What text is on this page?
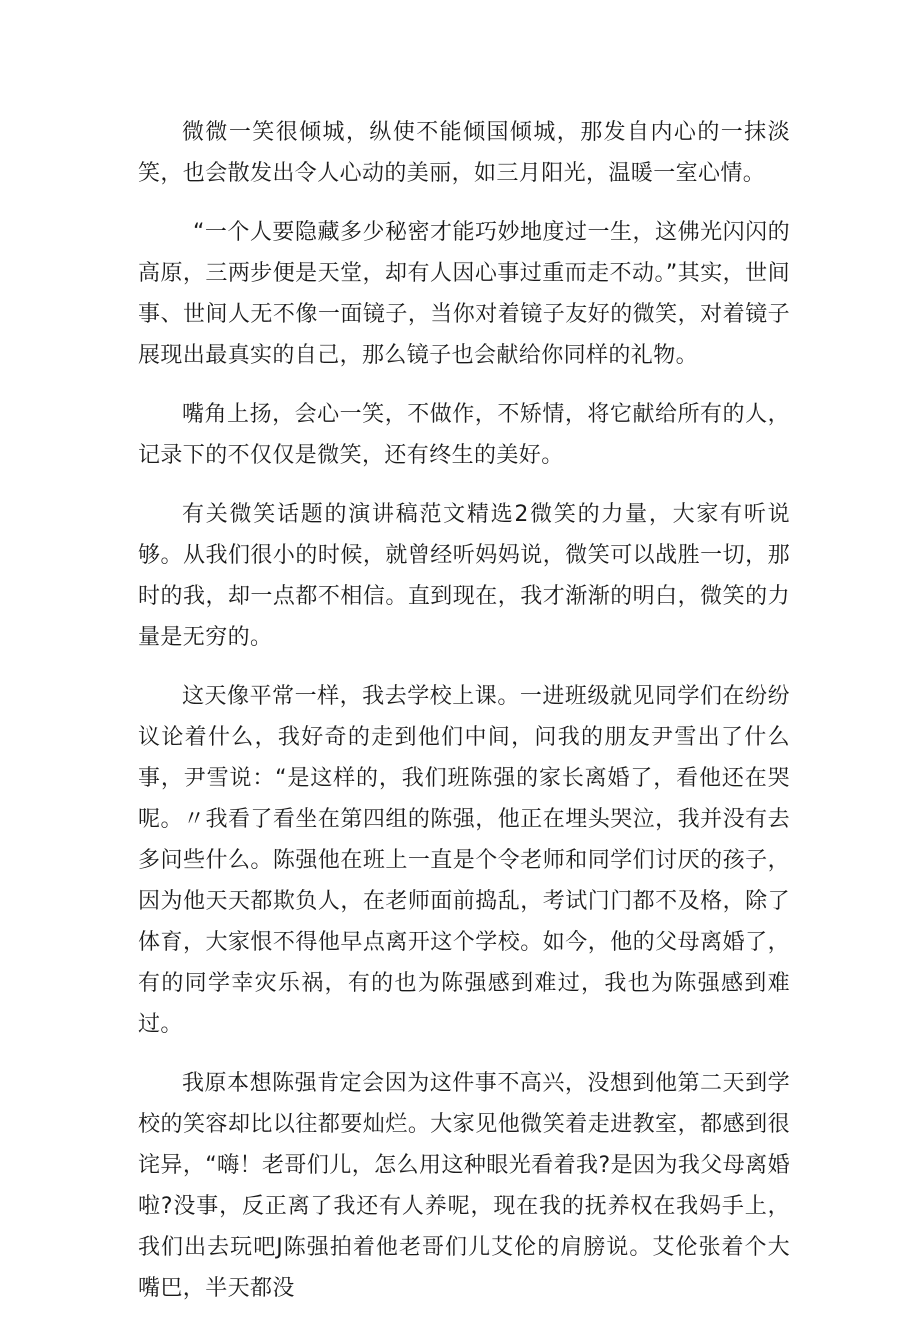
微微一笑很倾城，纵使不能倾国倾城，那发自内心的一抹淡笑，也会散发出令人心动的美丽，如三月阳光，温暖一室心情。

“一个人要隐藏多少秘密才能巧妙地度过一生，这佛光闪闪的高原，三两步便是天堂，却有人因心事过重而走不动。”其实，世间事、世间人无不像一面镜子，当你对着镜子友好的微笑，对着镜子展现出最真实的自己，那么镜子也会献给你同样的礼物。

嘴角上扬，会心一笑，不做作，不矫情，将它献给所有的人，记录下的不仅仅是微笑，还有终生的美好。

有关微笑话题的演讲稿范文精选2微笑的力量，大家有听说够。从我们很小的时候，就曾经听妈妈说，微笑可以战胜一切，那时的我，却一点都不相信。直到现在，我才渐渐的明白，微笑的力量是无穷的。

这天像平常一样，我去学校上课。一进班级就见同学们在纷纷议论着什么，我好奇的走到他们中间，问我的朋友尹雪出了什么事，尹雪说：“是这样的，我们班陈强的家长离婚了，看他还在哭呢。〃我看了看坐在第四组的陈强，他正在埋头哭泣，我并没有去多问些什么。陈强他在班上一直是个令老师和同学们讨厌的孩子，因为他天天都欺负人，在老师面前捣乱，考试门门都不及格，除了体育，大家恨不得他早点离开这个学校。如今，他的父母离婚了，有的同学幸灾乐祸，有的也为陈强感到难过，我也为陈强感到难过。

我原本想陈强肯定会因为这件事不高兴，没想到他第二天到学校的笑容却比以往都要灿烂。大家见他微笑着走进教室，都感到很诧异，“嗨！老哥们儿，怎么用这种眼光看着我?是因为我父母离婚啦?没事，反正离了我还有人养呢，现在我的抚养权在我妈手上，我们出去玩吧J陈强拍着他老哥们儿艾伦的肩膀说。艾伦张着个大嘴巴，半天都没
